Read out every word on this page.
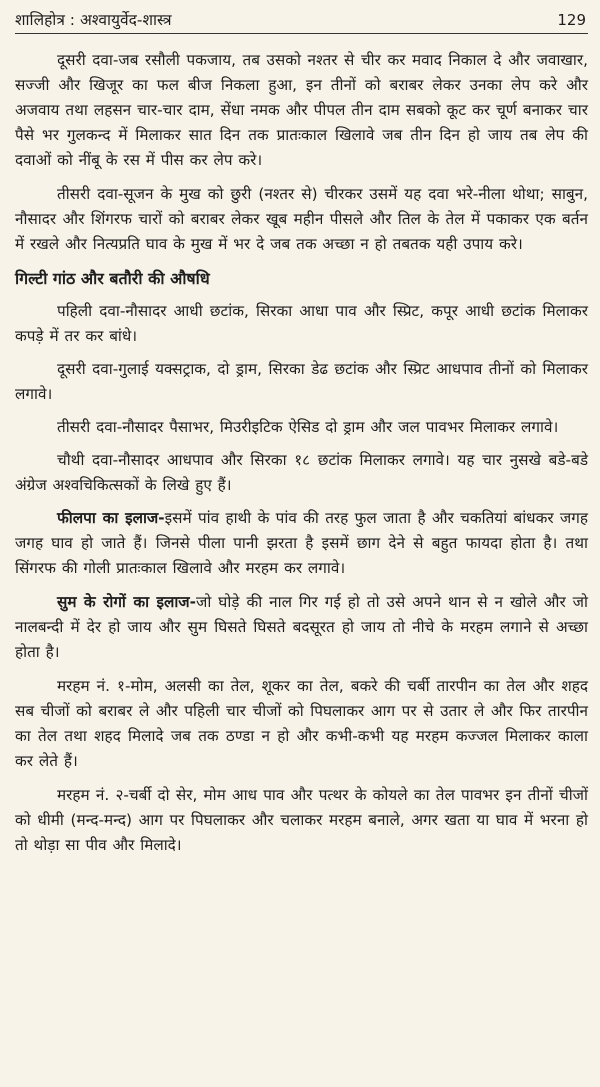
शालिहोत्र : अश्वायुर्वेद-शास्त्र	129

दूसरी दवा-जब रसौली पकजाय, तब उसको नश्तर से चीर कर मवाद निकाल दे और जवाखार, सज्जी और खिजूर का फल बीज निकला हुआ, इन तीनों को बराबर लेकर उनका लेप करे और अजवाय तथा लहसन चार-चार दाम, सेंधा नमक और पीपल तीन दाम सबको कूट कर चूर्ण बनाकर चार पैसे भर गुलकन्द में मिलाकर सात दिन तक प्रातःकाल खिलावे जब तीन दिन हो जाय तब लेप की दवाओं को नींबू के रस में पीस कर लेप करे।

तीसरी दवा-सूजन के मुख को छुरी (नश्तर से) चीरकर उसमें यह दवा भरे-नीला थोथा; साबुन, नौसादर और शिंगरफ चारों को बराबर लेकर खूब महीन पीसले और तिल के तेल में पकाकर एक बर्तन में रखले और नित्यप्रति घाव के मुख में भर दे जब तक अच्छा न हो तबतक यही उपाय करे।

गिल्टी गांठ और बतौरी की औषधि

पहिली दवा-नौसादर आधी छटांक, सिरका आधा पाव और स्प्रिट, कपूर आधी छटांक मिलाकर कपड़े में तर कर बांधे।

दूसरी दवा-गुलाई यक्सट्राक, दो ड्राम, सिरका डेढ छटांक और स्प्रिट आधपाव तीनों को मिलाकर लगावे।

तीसरी दवा-नौसादर पैसाभर, मिउरीइटिक ऐसिड दो ड्राम और जल पावभर मिलाकर लगावे।

चौथी दवा-नौसादर आधपाव और सिरका १८ छटांक मिलाकर लगावे। यह चार नुसखे बडे-बडे अंग्रेज अश्वचिकित्सकों के लिखे हुए हैं।

फीलपा का इलाज-इसमें पांव हाथी के पांव की तरह फुल जाता है और चकतियां बांधकर जगह जगह घाव हो जाते हैं। जिनसे पीला पानी झरता है इसमें छाग देने से बहुत फायदा होता है। तथा सिंगरफ की गोली प्रातःकाल खिलावे और मरहम कर लगावे।

सुम के रोगों का इलाज-जो घोड़े की नाल गिर गई हो तो उसे अपने थान से न खोले और जो नालबन्दी में देर हो जाय और सुम घिसते घिसते बदसूरत हो जाय तो नीचे के मरहम लगाने से अच्छा होता है।

मरहम नं. १-मोम, अलसी का तेल, शूकर का तेल, बकरे की चर्बी तारपीन का तेल और शहद सब चीजों को बराबर ले और पहिली चार चीजों को पिघलाकर आग पर से उतार ले और फिर तारपीन का तेल तथा शहद मिलादे जब तक ठण्डा न हो और कभी-कभी यह मरहम कज्जल मिलाकर काला कर लेते हैं।

मरहम नं. २-चर्बी दो सेर, मोम आध पाव और पत्थर के कोयले का तेल पावभर इन तीनों चीजों को धीमी (मन्द-मन्द) आग पर पिघलाकर और चलाकर मरहम बनाले, अगर खता या घाव में भरना हो तो थोड़ा सा पीव और मिलादे।
